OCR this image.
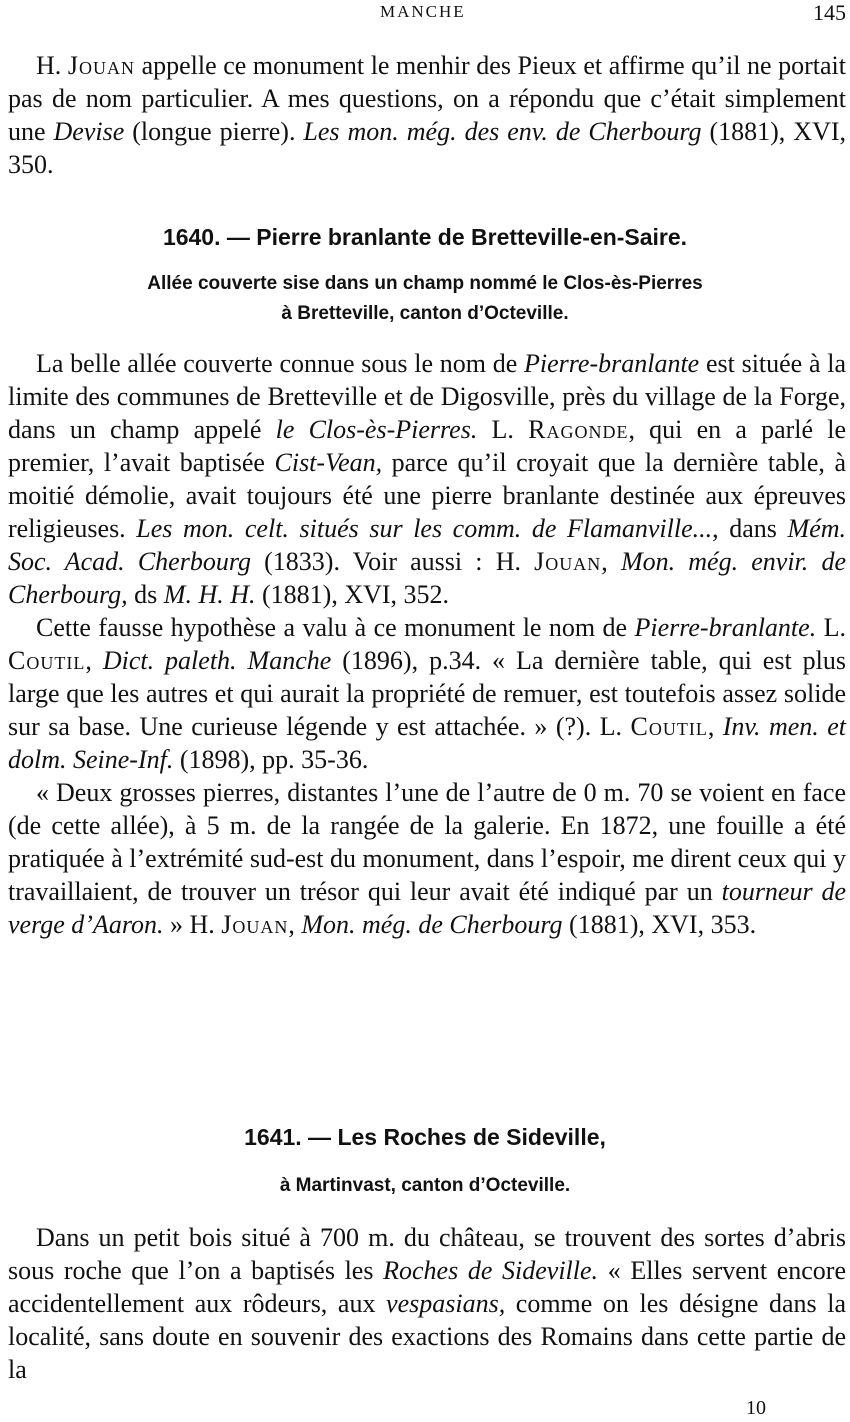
MANCHE	145

H. Jouan appelle ce monument le menhir des Pieux et affirme qu’il ne portait pas de nom particulier. A mes questions, on a répondu que c’était simplement une Devise (longue pierre). Les mon. még. des env. de Cherbourg (1881), XVI, 350.

1640. — Pierre branlante de Bretteville-en-Saire.
Allée couverte sise dans un champ nommé le Clos-ès-Pierres
à Bretteville, canton d’Octeville.

La belle allée couverte connue sous le nom de Pierre-branlante est située à la limite des communes de Bretteville et de Digosville, près du village de la Forge, dans un champ appelé le Clos-ès-Pierres. L. Ragonde, qui en a parlé le premier, l’avait baptisée Cist-Vean, parce qu’il croyait que la dernière table, à moitié démolie, avait toujours été une pierre branlante destinée aux épreuves religieuses. Les mon. celt. situés sur les comm. de Flamanville..., dans Mém. Soc. Acad. Cherbourg (1833). Voir aussi : H. Jouan, Mon. még. envir. de Cherbourg, ds M. H. H. (1881), XVI, 352.

Cette fausse hypothèse a valu à ce monument le nom de Pierre-branlante. L. Coutil, Dict. paleth. Manche (1896), p.34. « La dernière table, qui est plus large que les autres et qui aurait la propriété de remuer, est toutefois assez solide sur sa base. Une curieuse légende y est attachée. » (?). L. Coutil, Inv. men. et dolm. Seine-Inf. (1898), pp. 35-36.

« Deux grosses pierres, distantes l’une de l’autre de 0 m. 70 se voient en face (de cette allée), à 5 m. de la rangée de la galerie. En 1872, une fouille a été pratiquée à l’extrémité sud-est du monument, dans l’espoir, me dirent ceux qui y travaillaient, de trouver un trésor qui leur avait été indiqué par un tourneur de verge d’Aaron. » H. Jouan, Mon. még. de Cherbourg (1881), XVI, 353.

1641. — Les Roches de Sideville,
à Martinvast, canton d’Octeville.

Dans un petit bois situé à 700 m. du château, se trouvent des sortes d’abris sous roche que l’on a baptisés les Roches de Sideville. « Elles servent encore accidentellement aux rôdeurs, aux vespasians, comme on les désigne dans la localité, sans doute en souvenir des exactions des Romains dans cette partie de la

10
